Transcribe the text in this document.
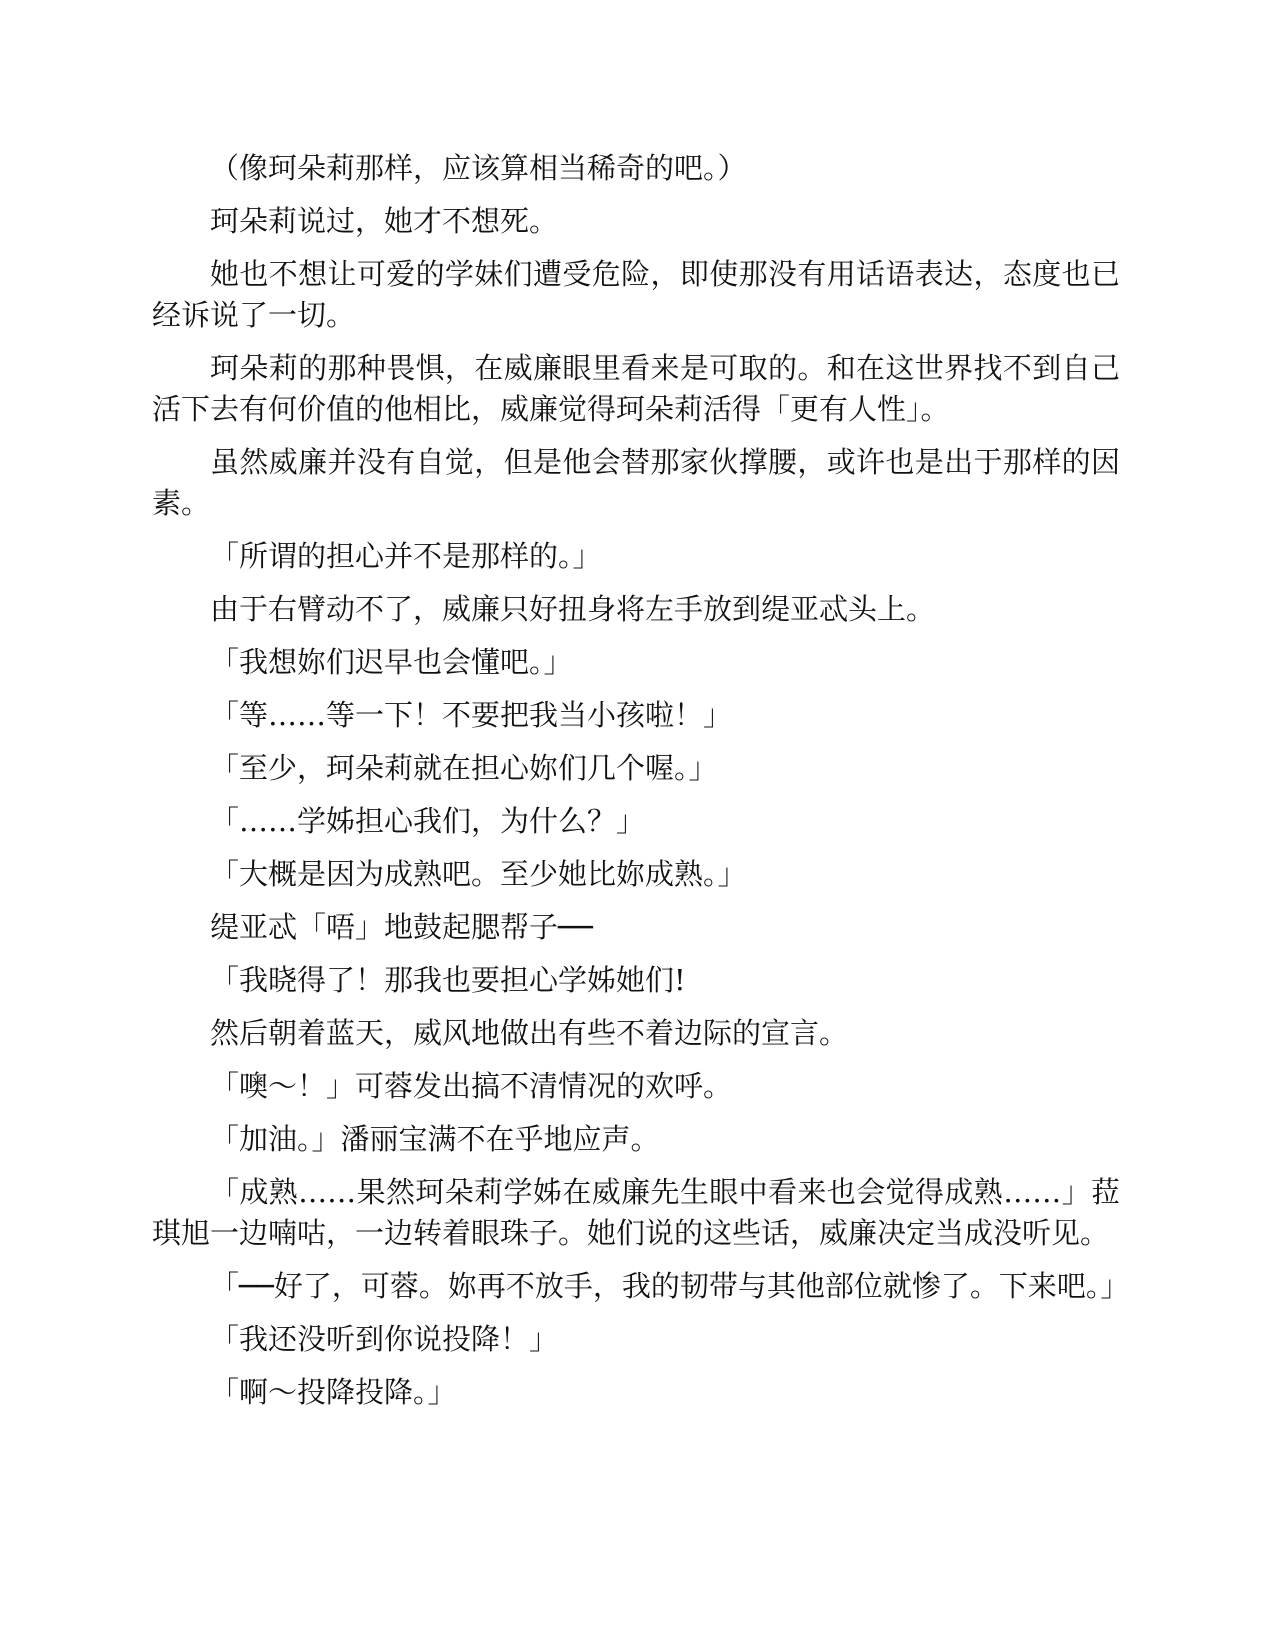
（像珂朵莉那样，应该算相当稀奇的吧。）

珂朵莉说过，她才不想死。

她也不想让可爱的学妹们遭受危险，即使那没有用话语表达，态度也已经诉说了一切。

珂朵莉的那种畏惧，在威廉眼里看来是可取的。和在这世界找不到自己活下去有何价值的他相比，威廉觉得珂朵莉活得「更有人性」。

虽然威廉并没有自觉，但是他会替那家伙撑腰，或许也是出于那样的因素。

「所谓的担心并不是那样的。」

由于右臂动不了，威廉只好扭身将左手放到缇亚忒头上。

「我想妳们迟早也会懂吧。」

「等……等一下！不要把我当小孩啦！」

「至少，珂朵莉就在担心妳们几个喔。」

「……学姊担心我们，为什么？」

「大概是因为成熟吧。至少她比妳成熟。」

缇亚忒「唔」地鼓起腮帮子──

「我晓得了！那我也要担心学姊她们!

然后朝着蓝天，威风地做出有些不着边际的宣言。

「噢～！」可蓉发出搞不清情况的欢呼。

「加油。」潘丽宝满不在乎地应声。

「成熟……果然珂朵莉学姊在威廉先生眼中看来也会觉得成熟……」菈琪旭一边喃咕，一边转着眼珠子。她们说的这些话，威廉决定当成没听见。

「──好了，可蓉。妳再不放手，我的韧带与其他部位就惨了。下来吧。」

「我还没听到你说投降！」

「啊～投降投降。」
